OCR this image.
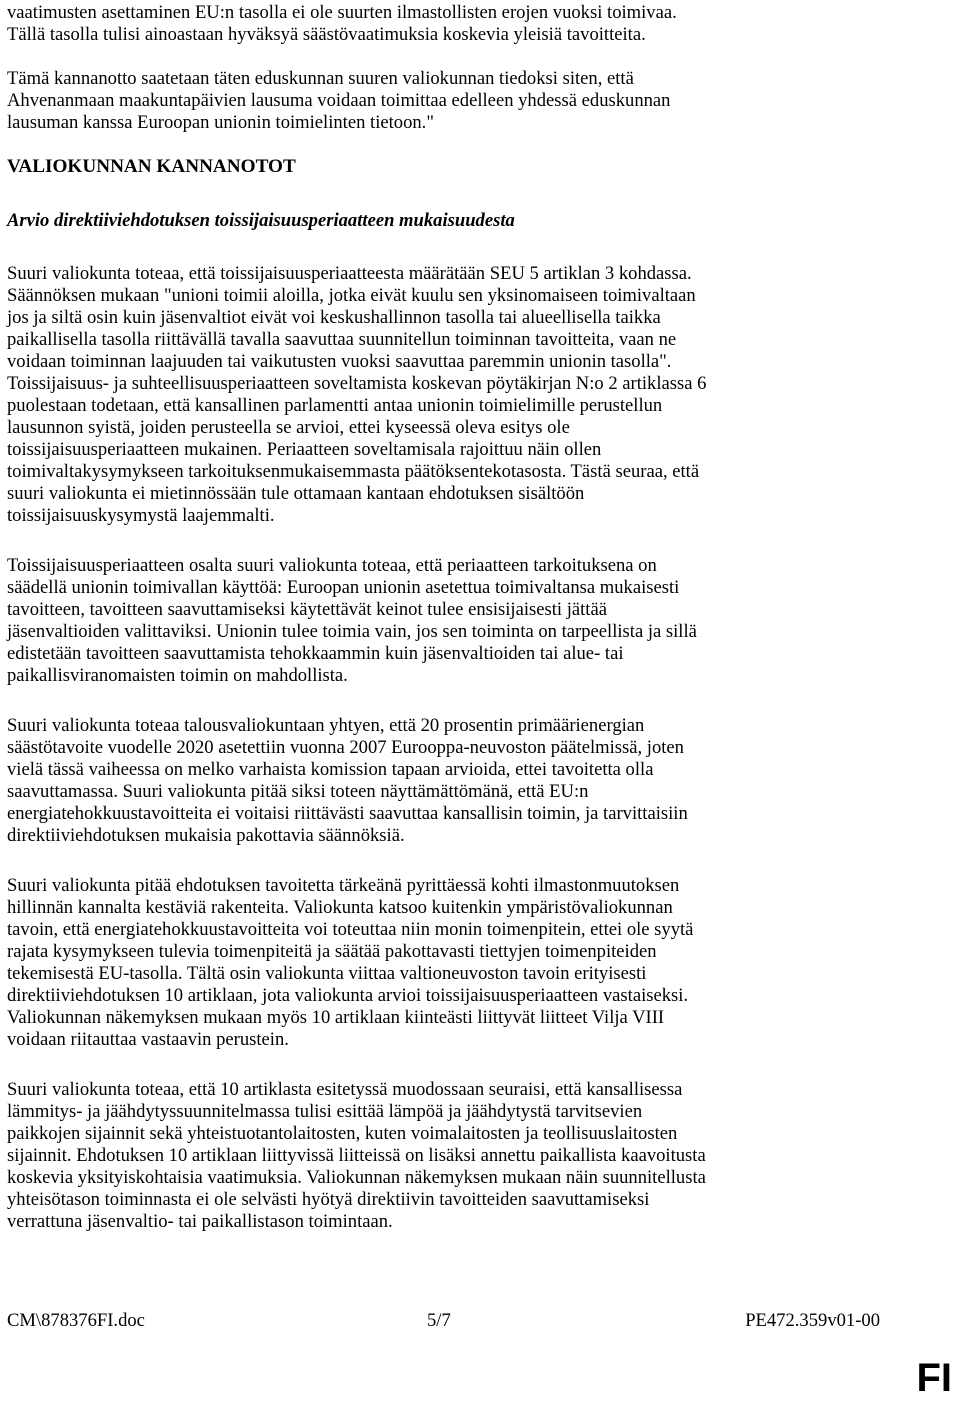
vaatimusten asettaminen EU:n tasolla ei ole suurten ilmastollisten erojen vuoksi toimivaa.
Tällä tasolla tulisi ainoastaan hyväksyä säästövaatimuksia koskevia yleisiä tavoitteita.
Tämä kannanotto saatetaan täten eduskunnan suuren valiokunnan tiedoksi siten, että
Ahvenanmaan maakuntapäivien lausuma voidaan toimittaa edelleen yhdessä eduskunnan
lausuman kanssa Euroopan unionin toimielinten tietoon."
VALIOKUNNAN KANNANOTOT
Arvio direktiiviehdotuksen toissijaisuusperiaatteen mukaisuudesta
Suuri valiokunta toteaa, että toissijaisuusperiaatteesta määrätään SEU 5 artiklan 3 kohdassa.
Säännöksen mukaan "unioni toimii aloilla, jotka eivät kuulu sen yksinomaiseen toimivaltaan
jos ja siltä osin kuin jäsenvaltiot eivät voi keskushallinnon tasolla tai alueellisella taikka
paikallisella tasolla riittävällä tavalla saavuttaa suunnitellun toiminnan tavoitteita, vaan ne
voidaan toiminnan laajuuden tai vaikutusten vuoksi saavuttaa paremmin unionin tasolla".
Toissijaisuus- ja suhteellisuusperiaatteen soveltamista koskevan pöytäkirjan N:o 2 artiklassa 6
puolestaan todetaan, että kansallinen parlamentti antaa unionin toimielimille perustellun
lausunnon syistä, joiden perusteella se arvioi, ettei kyseessä oleva esitys ole
toissijaisuusperiaatteen mukainen. Periaatteen soveltamisala rajoittuu näin ollen
toimivaltakysymykseen tarkoituksenmukaisemmasta päätöksentekotasosta. Tästä seuraa, että
suuri valiokunta ei mietinnössään tule ottamaan kantaan ehdotuksen sisältöön
toissijaisuuskysymystä laajemmalti.
Toissijaisuusperiaatteen osalta suuri valiokunta toteaa, että periaatteen tarkoituksena on
säädellä unionin toimivallan käyttöä: Euroopan unionin asetettua toimivaltansa mukaisesti
tavoitteen, tavoitteen saavuttamiseksi käytettävät keinot tulee ensisijaisesti jättää
jäsenvaltioiden valittaviksi. Unionin tulee toimia vain, jos sen toiminta on tarpeellista ja sillä
edistetään tavoitteen saavuttamista tehokkaammin kuin jäsenvaltioiden tai alue- tai
paikallisviranomaisten toimin on mahdollista.
Suuri valiokunta toteaa talousvaliokuntaan yhtyen, että 20 prosentin primäärienergian
säästötavoite vuodelle 2020 asetettiin vuonna 2007 Eurooppa-neuvoston päätelmissä, joten
vielä tässä vaiheessa on melko varhaista komission tapaan arvioida, ettei tavoitetta olla
saavuttamassa. Suuri valiokunta pitää siksi toteen näyttämättömänä, että EU:n
energiatehokkuustavoitteita ei voitaisi riittävästi saavuttaa kansallisin toimin, ja tarvittaisiin
direktiiviehdotuksen mukaisia pakottavia säännöksiä.
Suuri valiokunta pitää ehdotuksen tavoitetta tärkeänä pyrittäessä kohti ilmastonmuutoksen
hillinnän kannalta kestäviä rakenteita. Valiokunta katsoo kuitenkin ympäristövaliokunnan
tavoin, että energiatehokkuustavoitteita voi toteuttaa niin monin toimenpitein, ettei ole syytä
rajata kysymykseen tulevia toimenpiteitä ja säätää pakottavasti tiettyjen toimenpiteiden
tekemisestä EU-tasolla. Tältä osin valiokunta viittaa valtioneuvoston tavoin erityisesti
direktiiviehdotuksen 10 artiklaan, jota valiokunta arvioi toissijaisuusperiaatteen vastaiseksi.
Valiokunnan näkemyksen mukaan myös 10 artiklaan kiinteästi liittyvät liitteet Vilja VIII
voidaan riitauttaa vastaavin perustein.
Suuri valiokunta toteaa, että 10 artiklasta esitetyssä muodossaan seuraisi, että kansallisessa
lämmitys- ja jäähdytyssuunnitelmassa tulisi esittää lämpöä ja jäähdytystä tarvitsevien
paikkojen sijainnit sekä yhteistuotantolaitosten, kuten voimalaitosten ja teollisuuslaitosten
sijainnit. Ehdotuksen 10 artiklaan liittyvissä liitteissä on lisäksi annettu paikallista kaavoitusta
koskevia yksityiskohtaisia vaatimuksia. Valiokunnan näkemyksen mukaan näin suunnitellusta
yhteisötason toiminnasta ei ole selvästi hyötyä direktiivin tavoitteiden saavuttamiseksi
verrattuna jäsenvaltio- tai paikallistason toimintaan.
CM\878376FI.doc	5/7	PE472.359v01-00
FI
